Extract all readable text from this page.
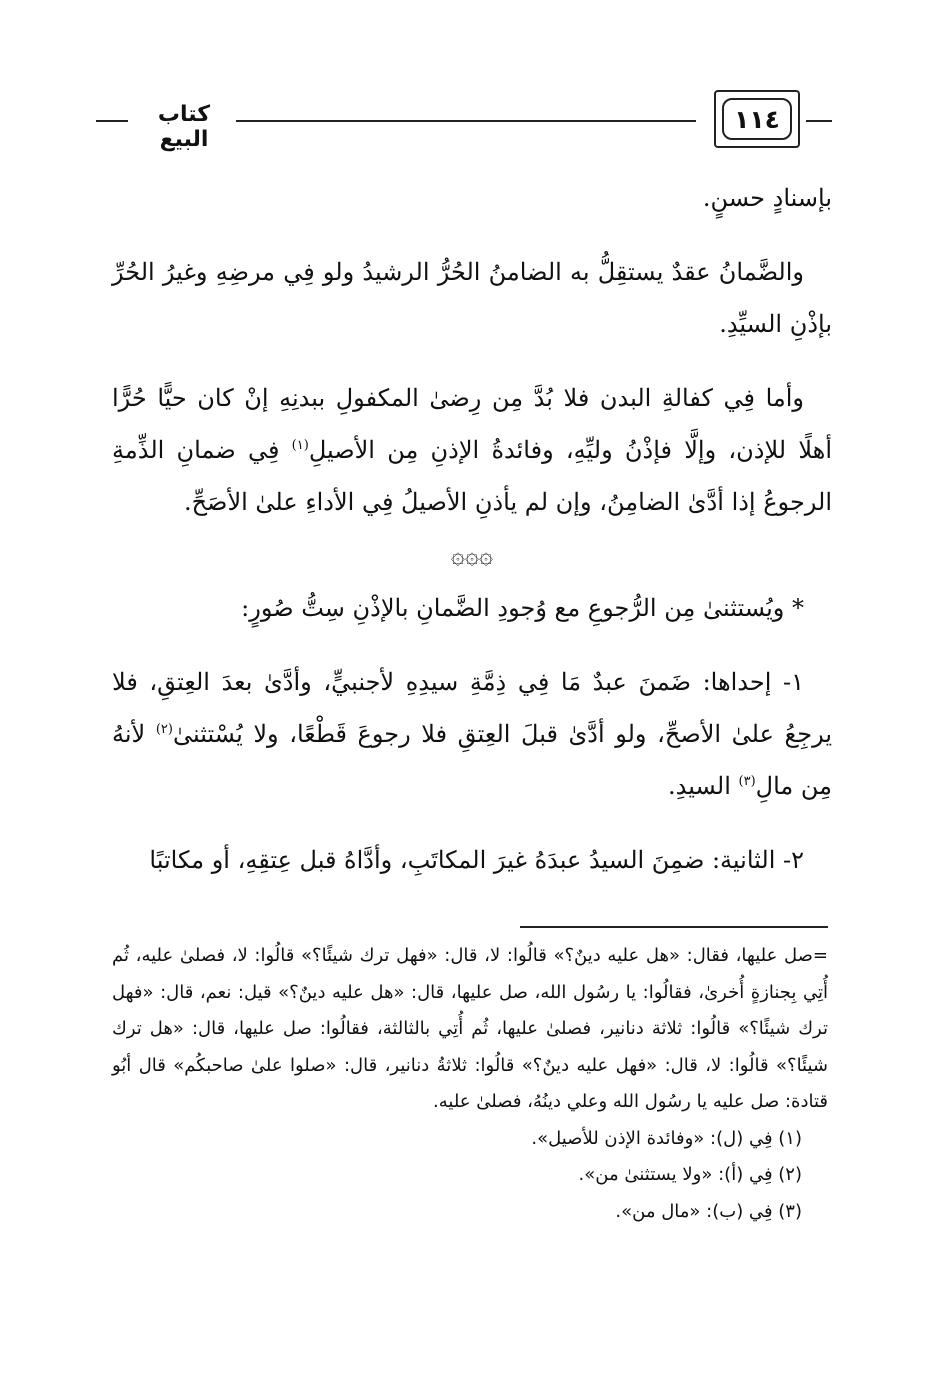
كتاب البيع
١١٤

بإسنادٍ حسنٍ.

والضَّمانُ عقدٌ يستقِلُّ به الضامنُ الحُرُّ الرشيدُ ولو فِي مرضِهِ وغيرُ الحُرِّ بإذْنِ السيِّدِ.

وأما فِي كفالةِ البدن فلا بُدَّ مِن رِضىٰ المكفولِ ببدنِهِ إنْ كان حيًّا حُرًّا أهلًا للإذن، وإلَّا فإذْنُ وليِّهِ، وفائدةُ الإذنِ مِن الأصيلِ$^{(١)}$ فِي ضمانِ الذِّمةِ الرجوعُ إذا أدَّىٰ الضامِنُ، وإن لم يأذنِ الأصيلُ فِي الأداءِ علىٰ الأصَحِّ.

۞۞۞

* ويُستثنىٰ مِن الرُّجوعِ مع وُجودِ الضَّمانِ بالإذْنِ سِتُّ صُورٍ:

١- إحداها: ضَمنَ عبدٌ مَا فِي ذِمَّةِ سيدِهِ لأجنبيٍّ، وأدَّىٰ بعدَ العِتقِ، فلا يرجِعُ علىٰ الأصحِّ، ولو أدَّىٰ قبلَ العِتقِ فلا رجوعَ قَطْعًا، ولا يُسْتثنىٰ$^{(٢)}$ لأنهُ مِن مالِ$^{(٣)}$ السيدِ.

٢- الثانية: ضمِنَ السيدُ عبدَهُ غيرَ المكاتَبِ، وأدَّاهُ قبل عِتقِهِ، أو مكاتبًا

=صل عليها، فقال: «هل عليه دينٌ؟» قالُوا: لا، قال: «فهل ترك شيئًا؟» قالُوا: لا، فصلىٰ عليه، ثُم أُتِي بِجنازةٍ أُخرىٰ، فقالُوا: يا رسُول الله، صل عليها، قال: «هل عليه دينٌ؟» قيل: نعم، قال: «فهل ترك شيئًا؟» قالُوا: ثلاثة دنانير، فصلىٰ عليها، ثُم أُتِي بالثالثة، فقالُوا: صل عليها، قال: «هل ترك شيئًا؟» قالُوا: لا، قال: «فهل عليه دينٌ؟» قالُوا: ثلاثةُ دنانير، قال: «صلوا علىٰ صاحبكُم» قال أبُو قتادة: صل عليه يا رسُول الله وعلي دينُهُ، فصلىٰ عليه.

(١) فِي (ل): «وفائدة الإذن للأصيل».

(٢) فِي (أ): «ولا يستثنىٰ من».

(٣) فِي (ب): «مال من».
